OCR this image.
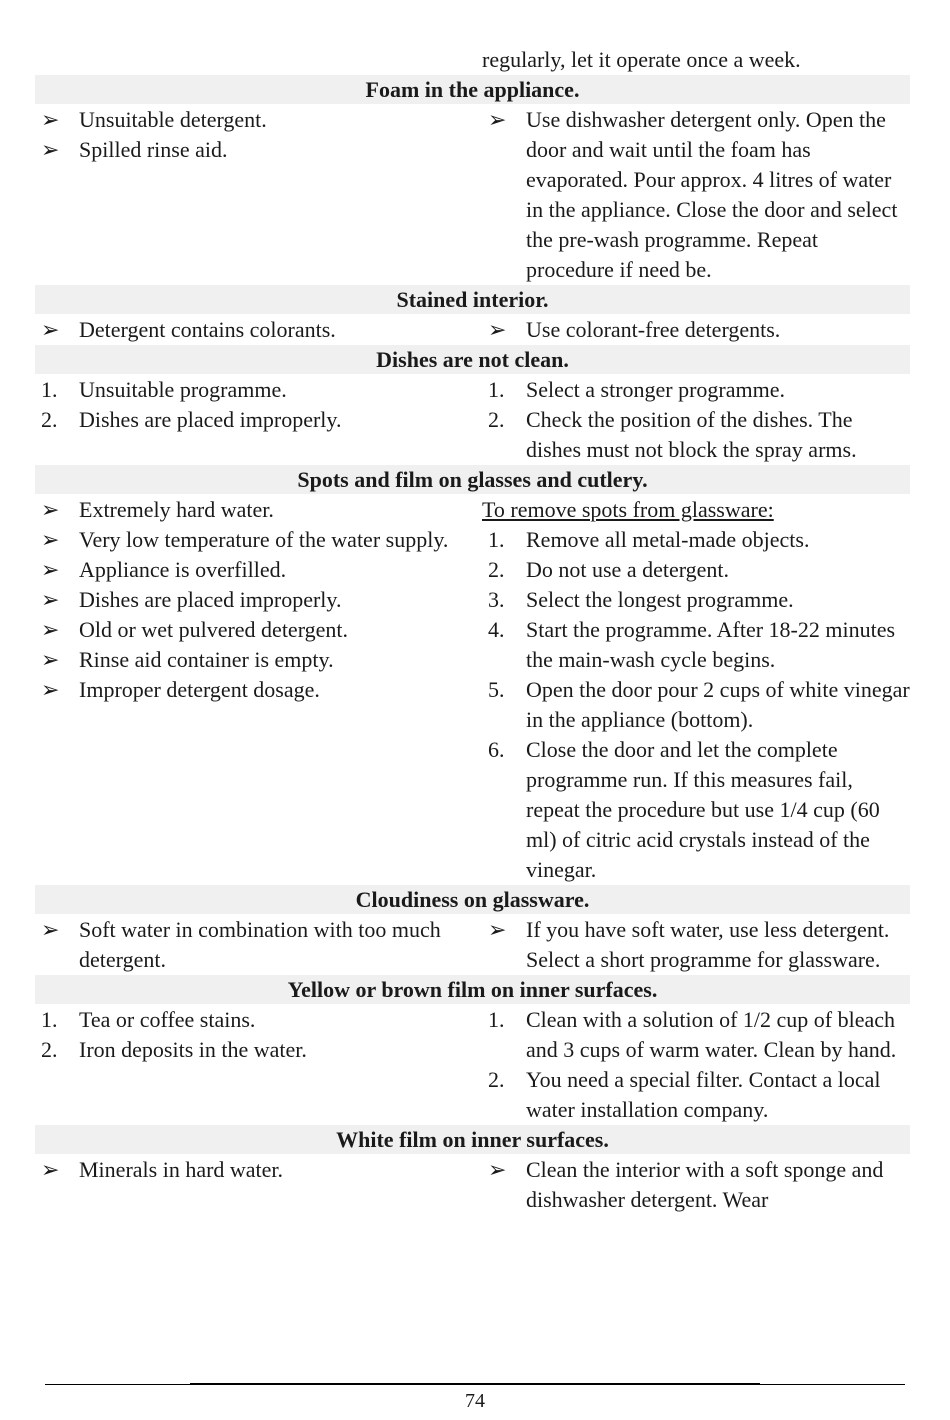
regularly, let it operate once a week.
Foam in the appliance.
➢ Unsuitable detergent.
➢ Spilled rinse aid.
➢ Use dishwasher detergent only. Open the door and wait until the foam has evaporated. Pour approx. 4 litres of water in the appliance. Close the door and select the pre-wash programme. Repeat procedure if need be.
Stained interior.
➢ Detergent contains colorants.	➢ Use colorant-free detergents.
Dishes are not clean.
1. Unsuitable programme.
2. Dishes are placed improperly.
1. Select a stronger programme.
2. Check the position of the dishes. The dishes must not block the spray arms.
Spots and film on glasses and cutlery.
➢ Extremely hard water.
➢ Very low temperature of the water supply.
➢ Appliance is overfilled.
➢ Dishes are placed improperly.
➢ Old or wet pulvered detergent.
➢ Rinse aid container is empty.
➢ Improper detergent dosage.
To remove spots from glassware:
1. Remove all metal-made objects.
2. Do not use a detergent.
3. Select the longest programme.
4. Start the programme. After 18-22 minutes the main-wash cycle begins.
5. Open the door pour 2 cups of white vinegar in the appliance (bottom).
6. Close the door and let the complete programme run. If this measures fail, repeat the procedure but use 1/4 cup (60 ml) of citric acid crystals instead of the vinegar.
Cloudiness on glassware.
➢ Soft water in combination with too much detergent.
➢ If you have soft water, use less detergent. Select a short programme for glassware.
Yellow or brown film on inner surfaces.
1. Tea or coffee stains.
2. Iron deposits in the water.
1. Clean with a solution of 1/2 cup of bleach and 3 cups of warm water. Clean by hand.
2. You need a special filter. Contact a local water installation company.
White film on inner surfaces.
➢ Minerals in hard water.	➢ Clean the interior with a soft sponge and dishwasher detergent. Wear
74
